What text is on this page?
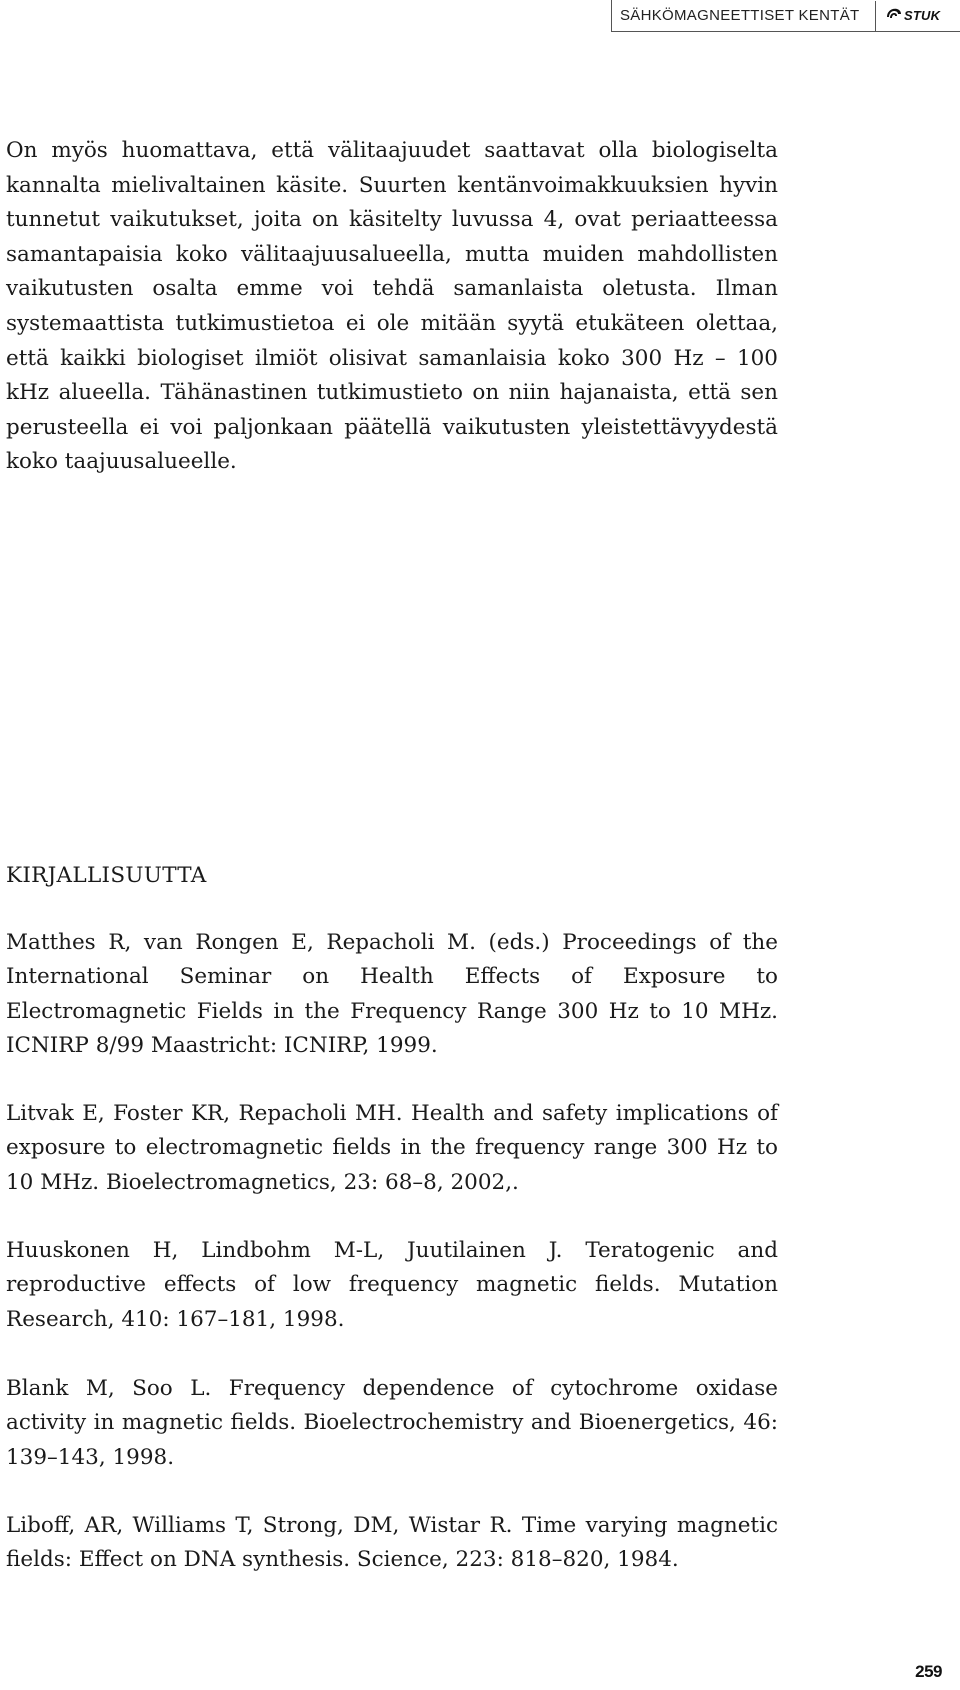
SÄHKÖMAGNEETTISET KENTÄT	STUK

On myös huomattava, että välitaajuudet saattavat olla biologiselta kannalta mielivaltainen käsite. Suurten kentänvoimakkuuksien hyvin tunnetut vaikutukset, joita on käsitelty luvussa 4, ovat periaatteessa samantapaisia koko välitaajuusalueella, mutta muiden mahdollisten vaikutusten osalta emme voi tehdä samanlaista oletusta. Ilman systemaattista tutkimustietoa ei ole mitään syytä etukäteen olettaa, että kaikki biologiset ilmiöt olisivat samanlaisia koko 300 Hz – 100 kHz alueella. Tähänastinen tutkimustieto on niin hajanaista, että sen perusteella ei voi paljonkaan päätellä vaikutusten yleistettävyydestä koko taajuusalueelle.

KIRJALLISUUTTA

Matthes R, van Rongen E, Repacholi M. (eds.) Proceedings of the International Seminar on Health Effects of Exposure to Electromagnetic Fields in the Frequency Range 300 Hz to 10 MHz. ICNIRP 8/99 Maastricht: ICNIRP, 1999.

Litvak E, Foster KR, Repacholi MH. Health and safety implications of exposure to electromagnetic fields in the frequency range 300 Hz to 10 MHz. Bioelectromagnetics, 23: 68–8, 2002,.

Huuskonen H, Lindbohm M-L, Juutilainen J. Teratogenic and reproductive effects of low frequency magnetic fields. Mutation Research, 410: 167–181, 1998.

Blank M, Soo L. Frequency dependence of cytochrome oxidase activity in magnetic fields. Bioelectrochemistry and Bioenergetics, 46: 139–143, 1998.

Liboff, AR, Williams T, Strong, DM, Wistar R. Time varying magnetic fields: Effect on DNA synthesis. Science, 223: 818–820, 1984.

259
